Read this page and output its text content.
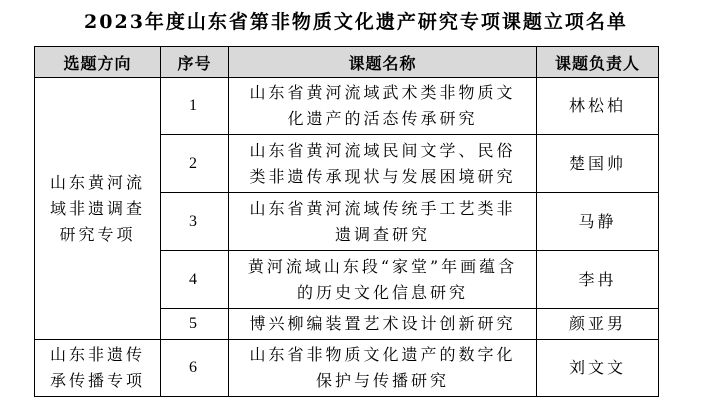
2023年度山东省第非物质文化遗产研究专项课题立项名单
选题方向	序号	课题名称	课题负责人
山东黄河流域非遗调查研究专项	1	山东省黄河流域武术类非物质文化遗产的活态传承研究	林松柏
	2	山东省黄河流域民间文学、民俗类非遗传承现状与发展困境研究	楚国帅
	3	山东省黄河流域传统手工艺类非遗调查研究	马静
	4	黄河流域山东段“家堂”年画蕴含的历史文化信息研究	李冉
	5	博兴柳编装置艺术设计创新研究	颜亚男
山东非遗传承传播专项	6	山东省非物质文化遗产的数字化保护与传播研究	刘文文
